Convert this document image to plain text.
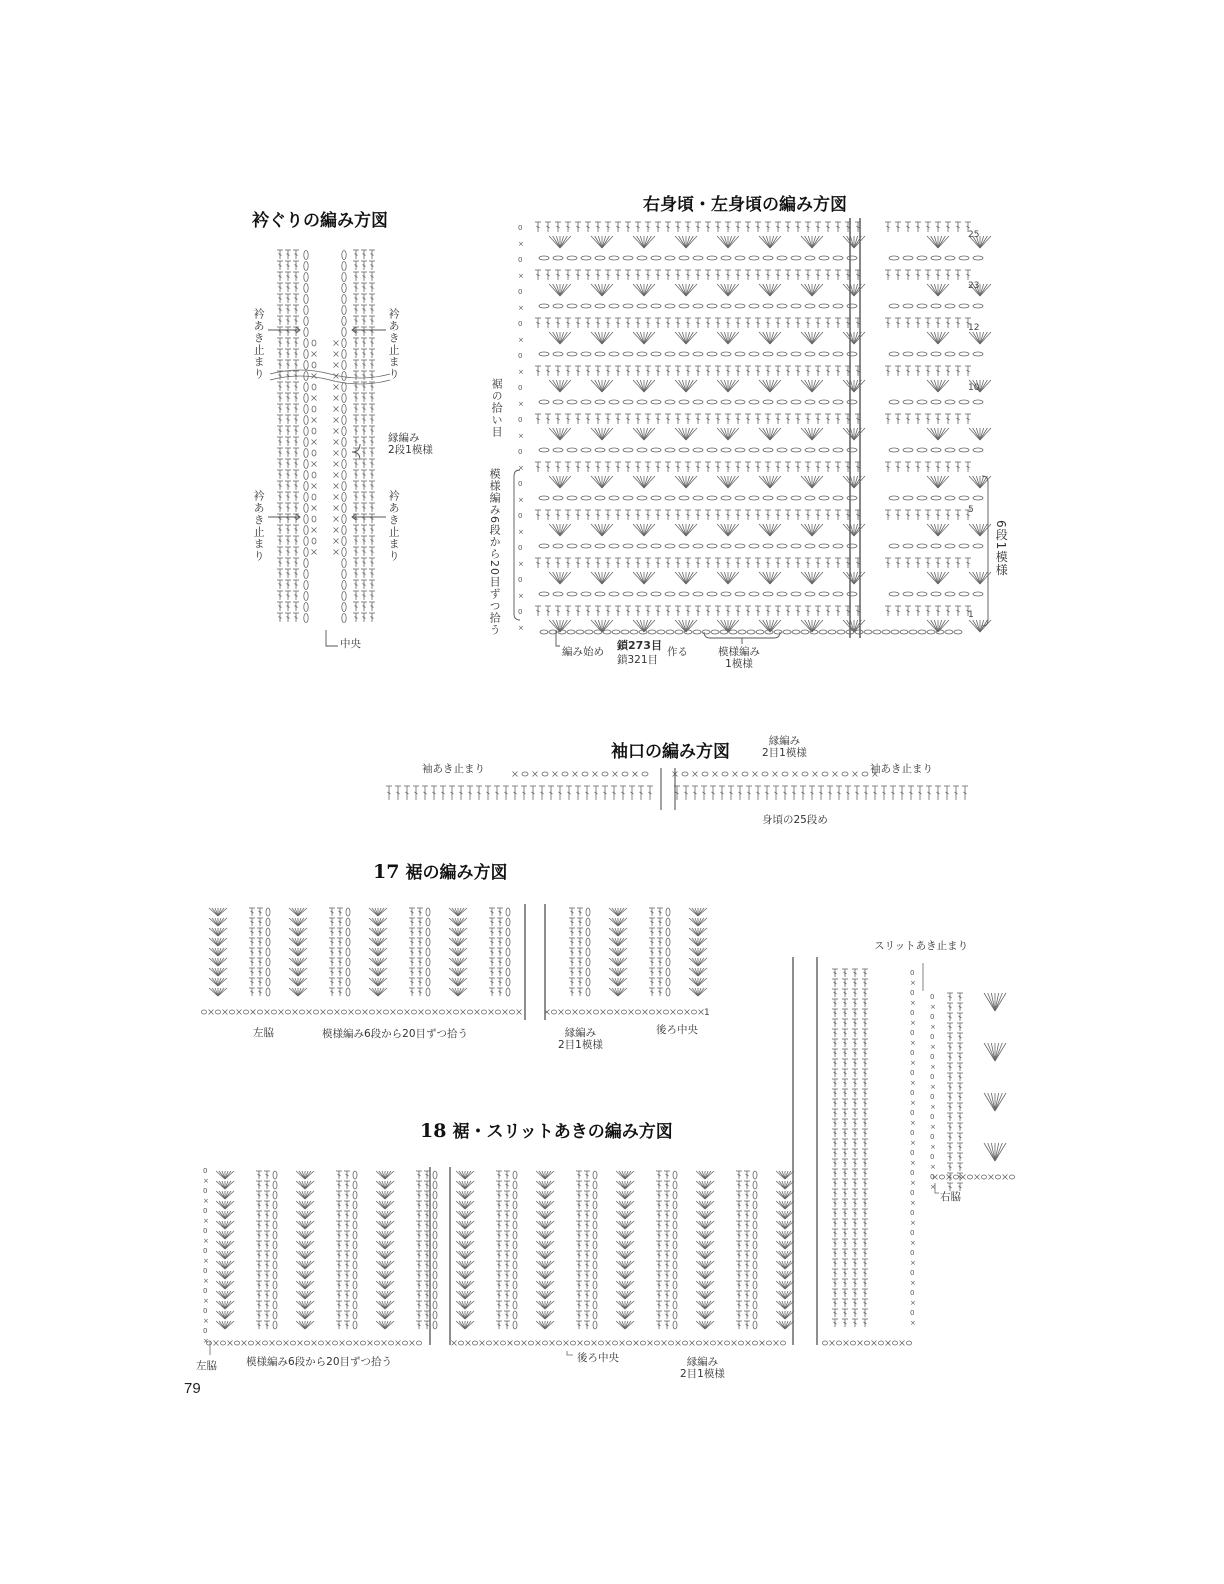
衿ぐりの編み方図
衿あき止まり	衿あき止まり
衿あき止まり	衿あき止まり
縁編み
2段1模様
中央
右身頃・左身頃の編み方図
0
×
0
×
0
×
0
×
0
×
0
×
0
×
0
×
0
×
0
×
0
×
0
×
0
×
裾の拾い目
模様編み6段から20目ずつ拾う
25
23
12
10
5
1
6段1模様
編み始め 鎖273目
鎖321目
作る	模様編み
1模様
袖口の編み方図
縁編み
2目1模様
袖あき止まり	袖あき止まり
身頃の25段め
17 裾の編み方図
左脇	模様編み6段から20目ずつ拾う	縁編み
2目1模様
後ろ中央
1
18 裾・スリットあきの編み方図
スリットあき止まり
右脇
左脇	模様編み6段から20目ずつ拾う	後ろ中央	縁編み
2目1模様
0
×
0
×
0
×
0
×
0
×
0
×
0
×
0
×
0
×
0
0
×
×
0
0
×
×
0
0
×
×
0
0
×
×
0
0
×
×
0
0
×
×
0
0
×
×
0
0
×
×
0
0
×
×
0
0
×
×
0
×
0
×
0
×
0
×
0
×
0
×
0
×
0
×
79
